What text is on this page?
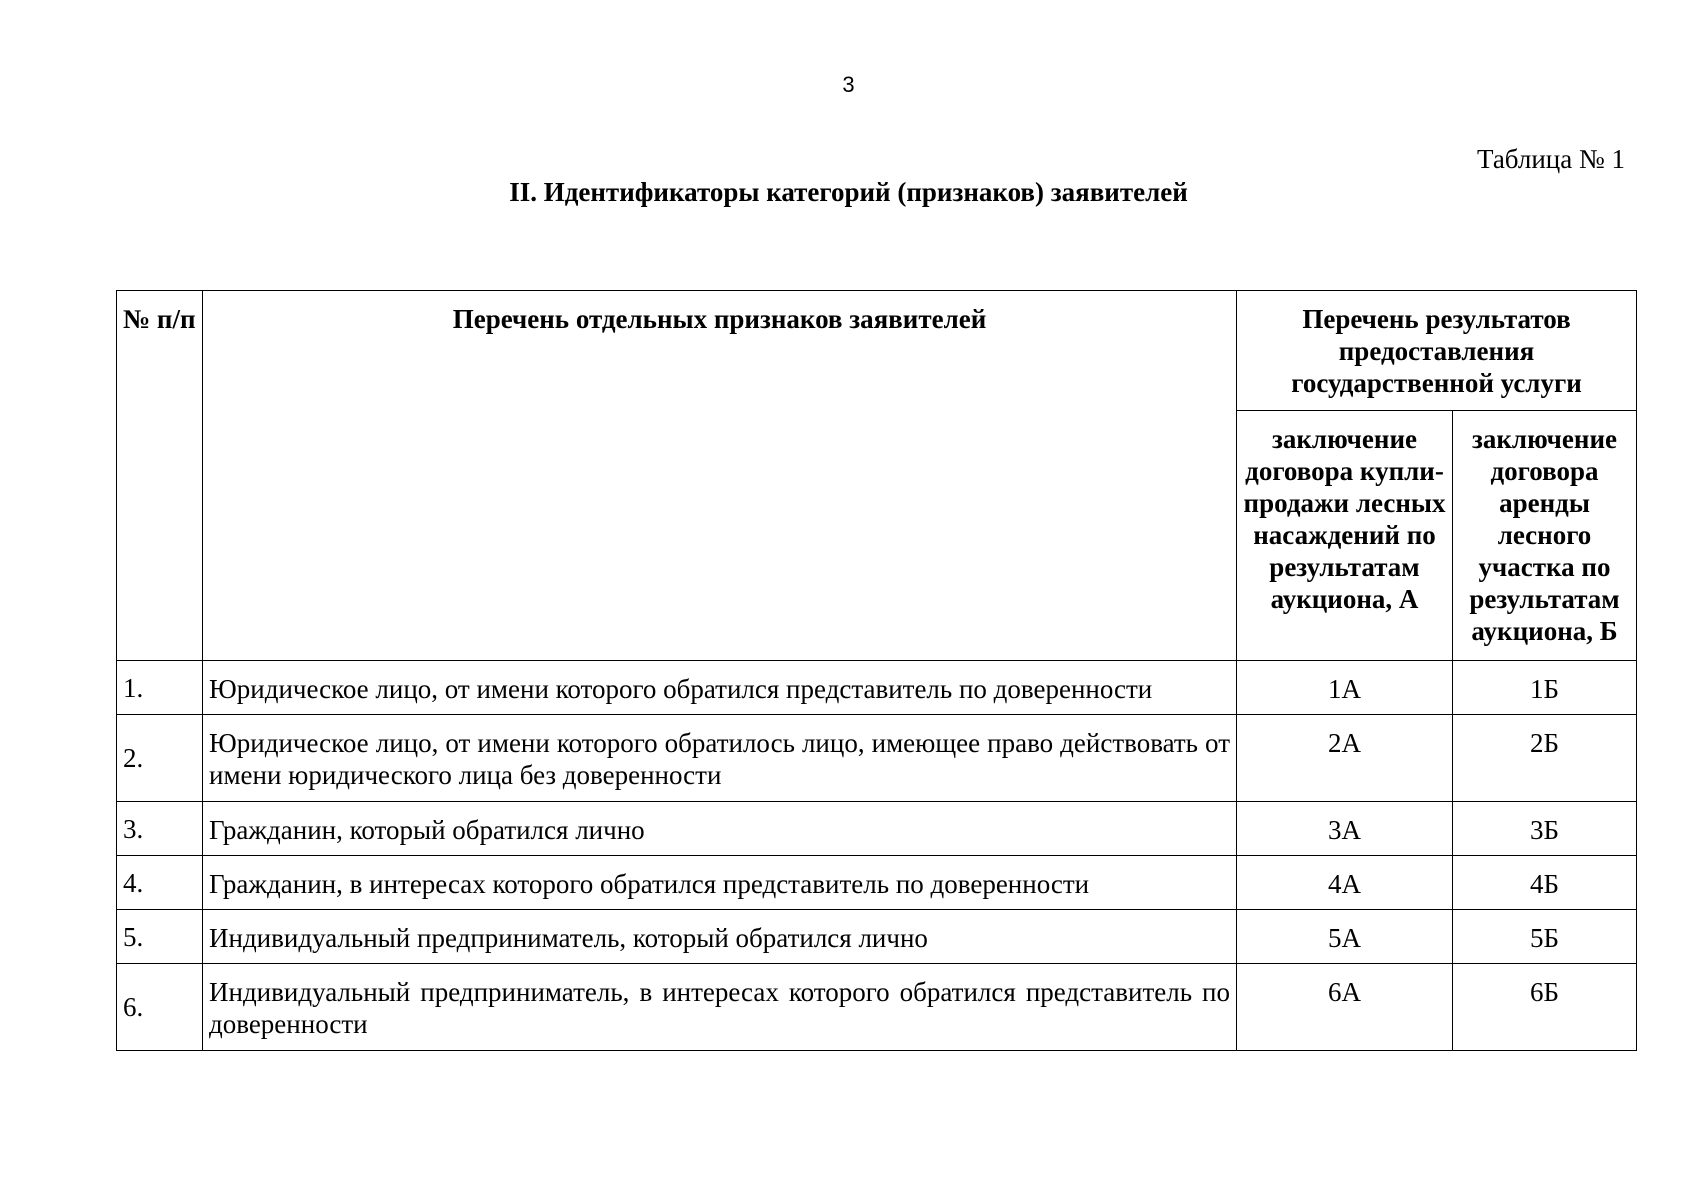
3
Таблица № 1
II. Идентификаторы категорий (признаков) заявителей
№ п/п	Перечень отдельных признаков заявителей	Перечень результатов предоставления государственной услуги	
		заключение договора купли-продажи лесных насаждений по результатам аукциона, А	заключение договора аренды лесного участка по результатам аукциона, Б
1.	Юридическое лицо, от имени которого обратился представитель по доверенности	1А	1Б
2.	Юридическое лицо, от имени которого обратилось лицо, имеющее право действовать от имени юридического лица без доверенности	2А	2Б
3.	Гражданин, который обратился лично	3А	3Б
4.	Гражданин, в интересах которого обратился представитель по доверенности	4А	4Б
5.	Индивидуальный предприниматель, который обратился лично	5А	5Б
6.	Индивидуальный предприниматель, в интересах которого обратился представитель по доверенности	6А	6Б
